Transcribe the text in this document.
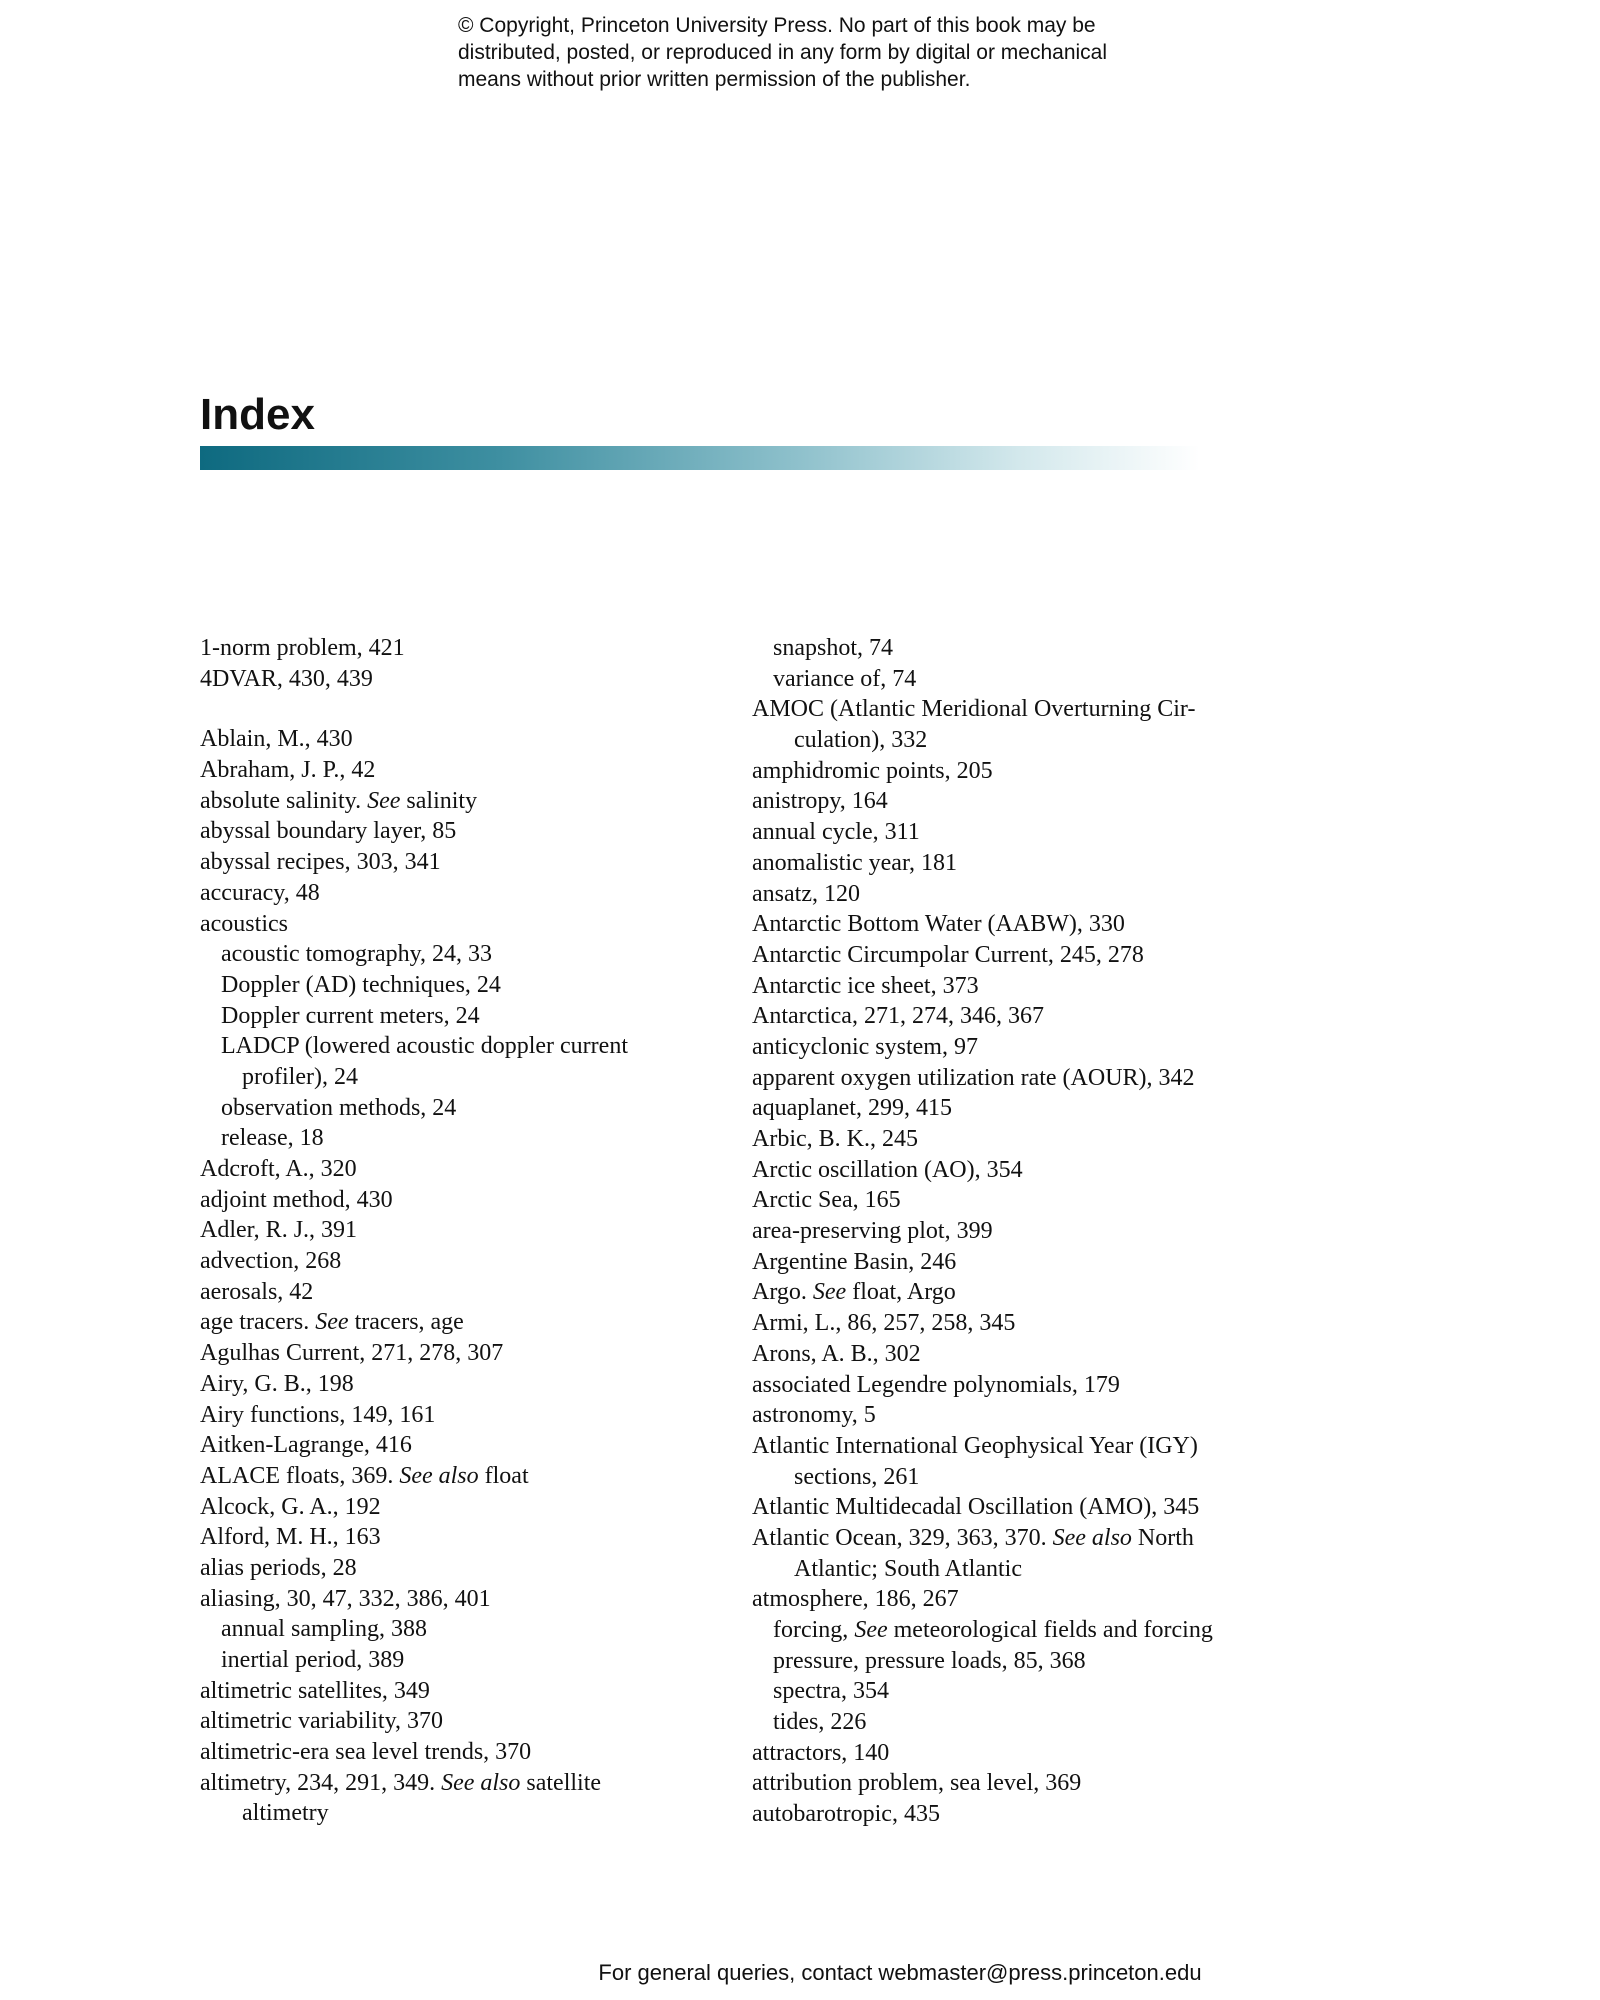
© Copyright, Princeton University Press. No part of this book may be
distributed, posted, or reproduced in any form by digital or mechanical
means without prior written permission of the publisher.
Index
1-norm problem, 421
4DVAR, 430, 439
Ablain, M., 430
Abraham, J. P., 42
absolute salinity. See salinity
abyssal boundary layer, 85
abyssal recipes, 303, 341
accuracy, 48
acoustics
acoustic tomography, 24, 33
Doppler (AD) techniques, 24
Doppler current meters, 24
LADCP (lowered acoustic doppler current
profiler), 24
observation methods, 24
release, 18
Adcroft, A., 320
adjoint method, 430
Adler, R. J., 391
advection, 268
aerosals, 42
age tracers. See tracers, age
Agulhas Current, 271, 278, 307
Airy, G. B., 198
Airy functions, 149, 161
Aitken-Lagrange, 416
ALACE floats, 369. See also float
Alcock, G. A., 192
Alford, M. H., 163
alias periods, 28
aliasing, 30, 47, 332, 386, 401
annual sampling, 388
inertial period, 389
altimetric satellites, 349
altimetric variability, 370
altimetric-era sea level trends, 370
altimetry, 234, 291, 349. See also satellite
altimetry
snapshot, 74
variance of, 74
AMOC (Atlantic Meridional Overturning Cir-
culation), 332
amphidromic points, 205
anistropy, 164
annual cycle, 311
anomalistic year, 181
ansatz, 120
Antarctic Bottom Water (AABW), 330
Antarctic Circumpolar Current, 245, 278
Antarctic ice sheet, 373
Antarctica, 271, 274, 346, 367
anticyclonic system, 97
apparent oxygen utilization rate (AOUR), 342
aquaplanet, 299, 415
Arbic, B. K., 245
Arctic oscillation (AO), 354
Arctic Sea, 165
area-preserving plot, 399
Argentine Basin, 246
Argo. See float, Argo
Armi, L., 86, 257, 258, 345
Arons, A. B., 302
associated Legendre polynomials, 179
astronomy, 5
Atlantic International Geophysical Year (IGY)
sections, 261
Atlantic Multidecadal Oscillation (AMO), 345
Atlantic Ocean, 329, 363, 370. See also North
Atlantic; South Atlantic
atmosphere, 186, 267
forcing, See meteorological fields and forcing
pressure, pressure loads, 85, 368
spectra, 354
tides, 226
attractors, 140
attribution problem, sea level, 369
autobarotropic, 435
For general queries, contact webmaster@press.princeton.edu
